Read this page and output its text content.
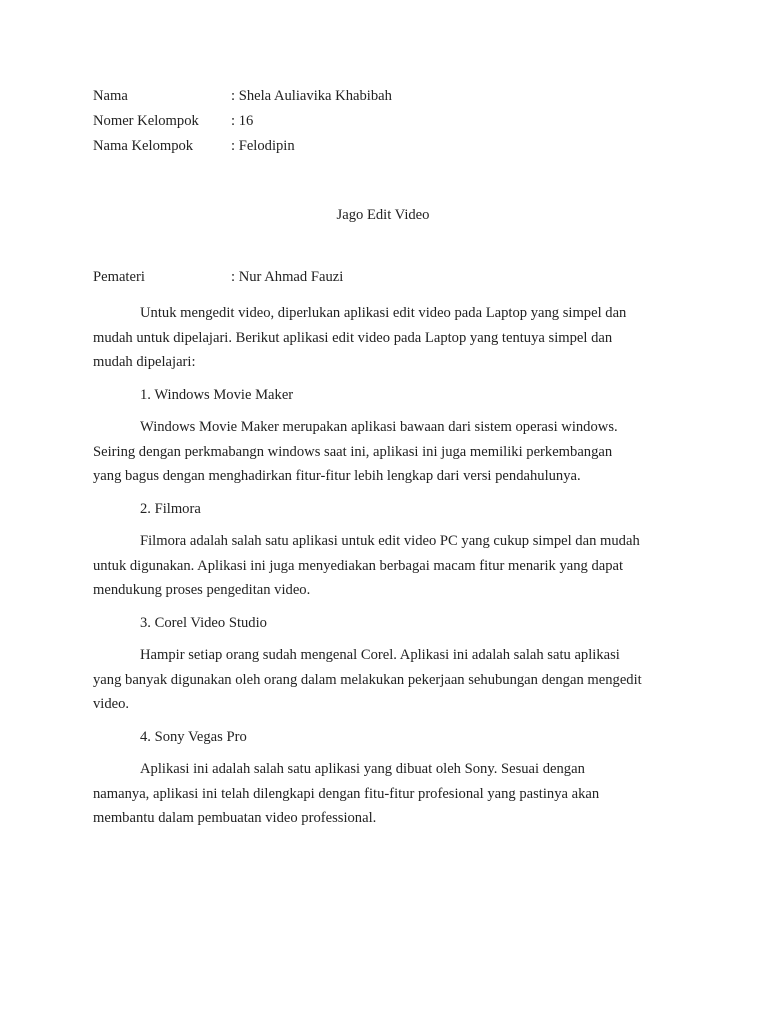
Nama	: Shela Auliavika Khabibah
Nomer Kelompok : 16
Nama Kelompok	: Felodipin
Jago Edit Video
Pemateri	: Nur Ahmad Fauzi
Untuk mengedit video, diperlukan aplikasi edit video pada Laptop yang simpel dan
mudah untuk dipelajari. Berikut aplikasi edit video pada Laptop yang tentuya simpel dan
mudah dipelajari:
1. Windows Movie Maker
Windows Movie Maker merupakan aplikasi bawaan dari sistem operasi windows.
Seiring dengan perkmabangn windows saat ini, aplikasi ini juga memiliki perkembangan
yang bagus dengan menghadirkan fitur-fitur lebih lengkap dari versi pendahulunya.
2. Filmora
Filmora adalah salah satu aplikasi untuk edit video PC yang cukup simpel dan mudah
untuk digunakan. Aplikasi ini juga menyediakan berbagai macam fitur menarik yang dapat
mendukung proses pengeditan video.
3. Corel Video Studio
Hampir setiap orang sudah mengenal Corel. Aplikasi ini adalah salah satu aplikasi
yang banyak digunakan oleh orang dalam melakukan pekerjaan sehubungan dengan mengedit
video.
4. Sony Vegas Pro
Aplikasi ini adalah salah satu aplikasi yang dibuat oleh Sony. Sesuai dengan
namanya, aplikasi ini telah dilengkapi dengan fitu-fitur profesional yang pastinya akan
membantu dalam pembuatan video professional.
